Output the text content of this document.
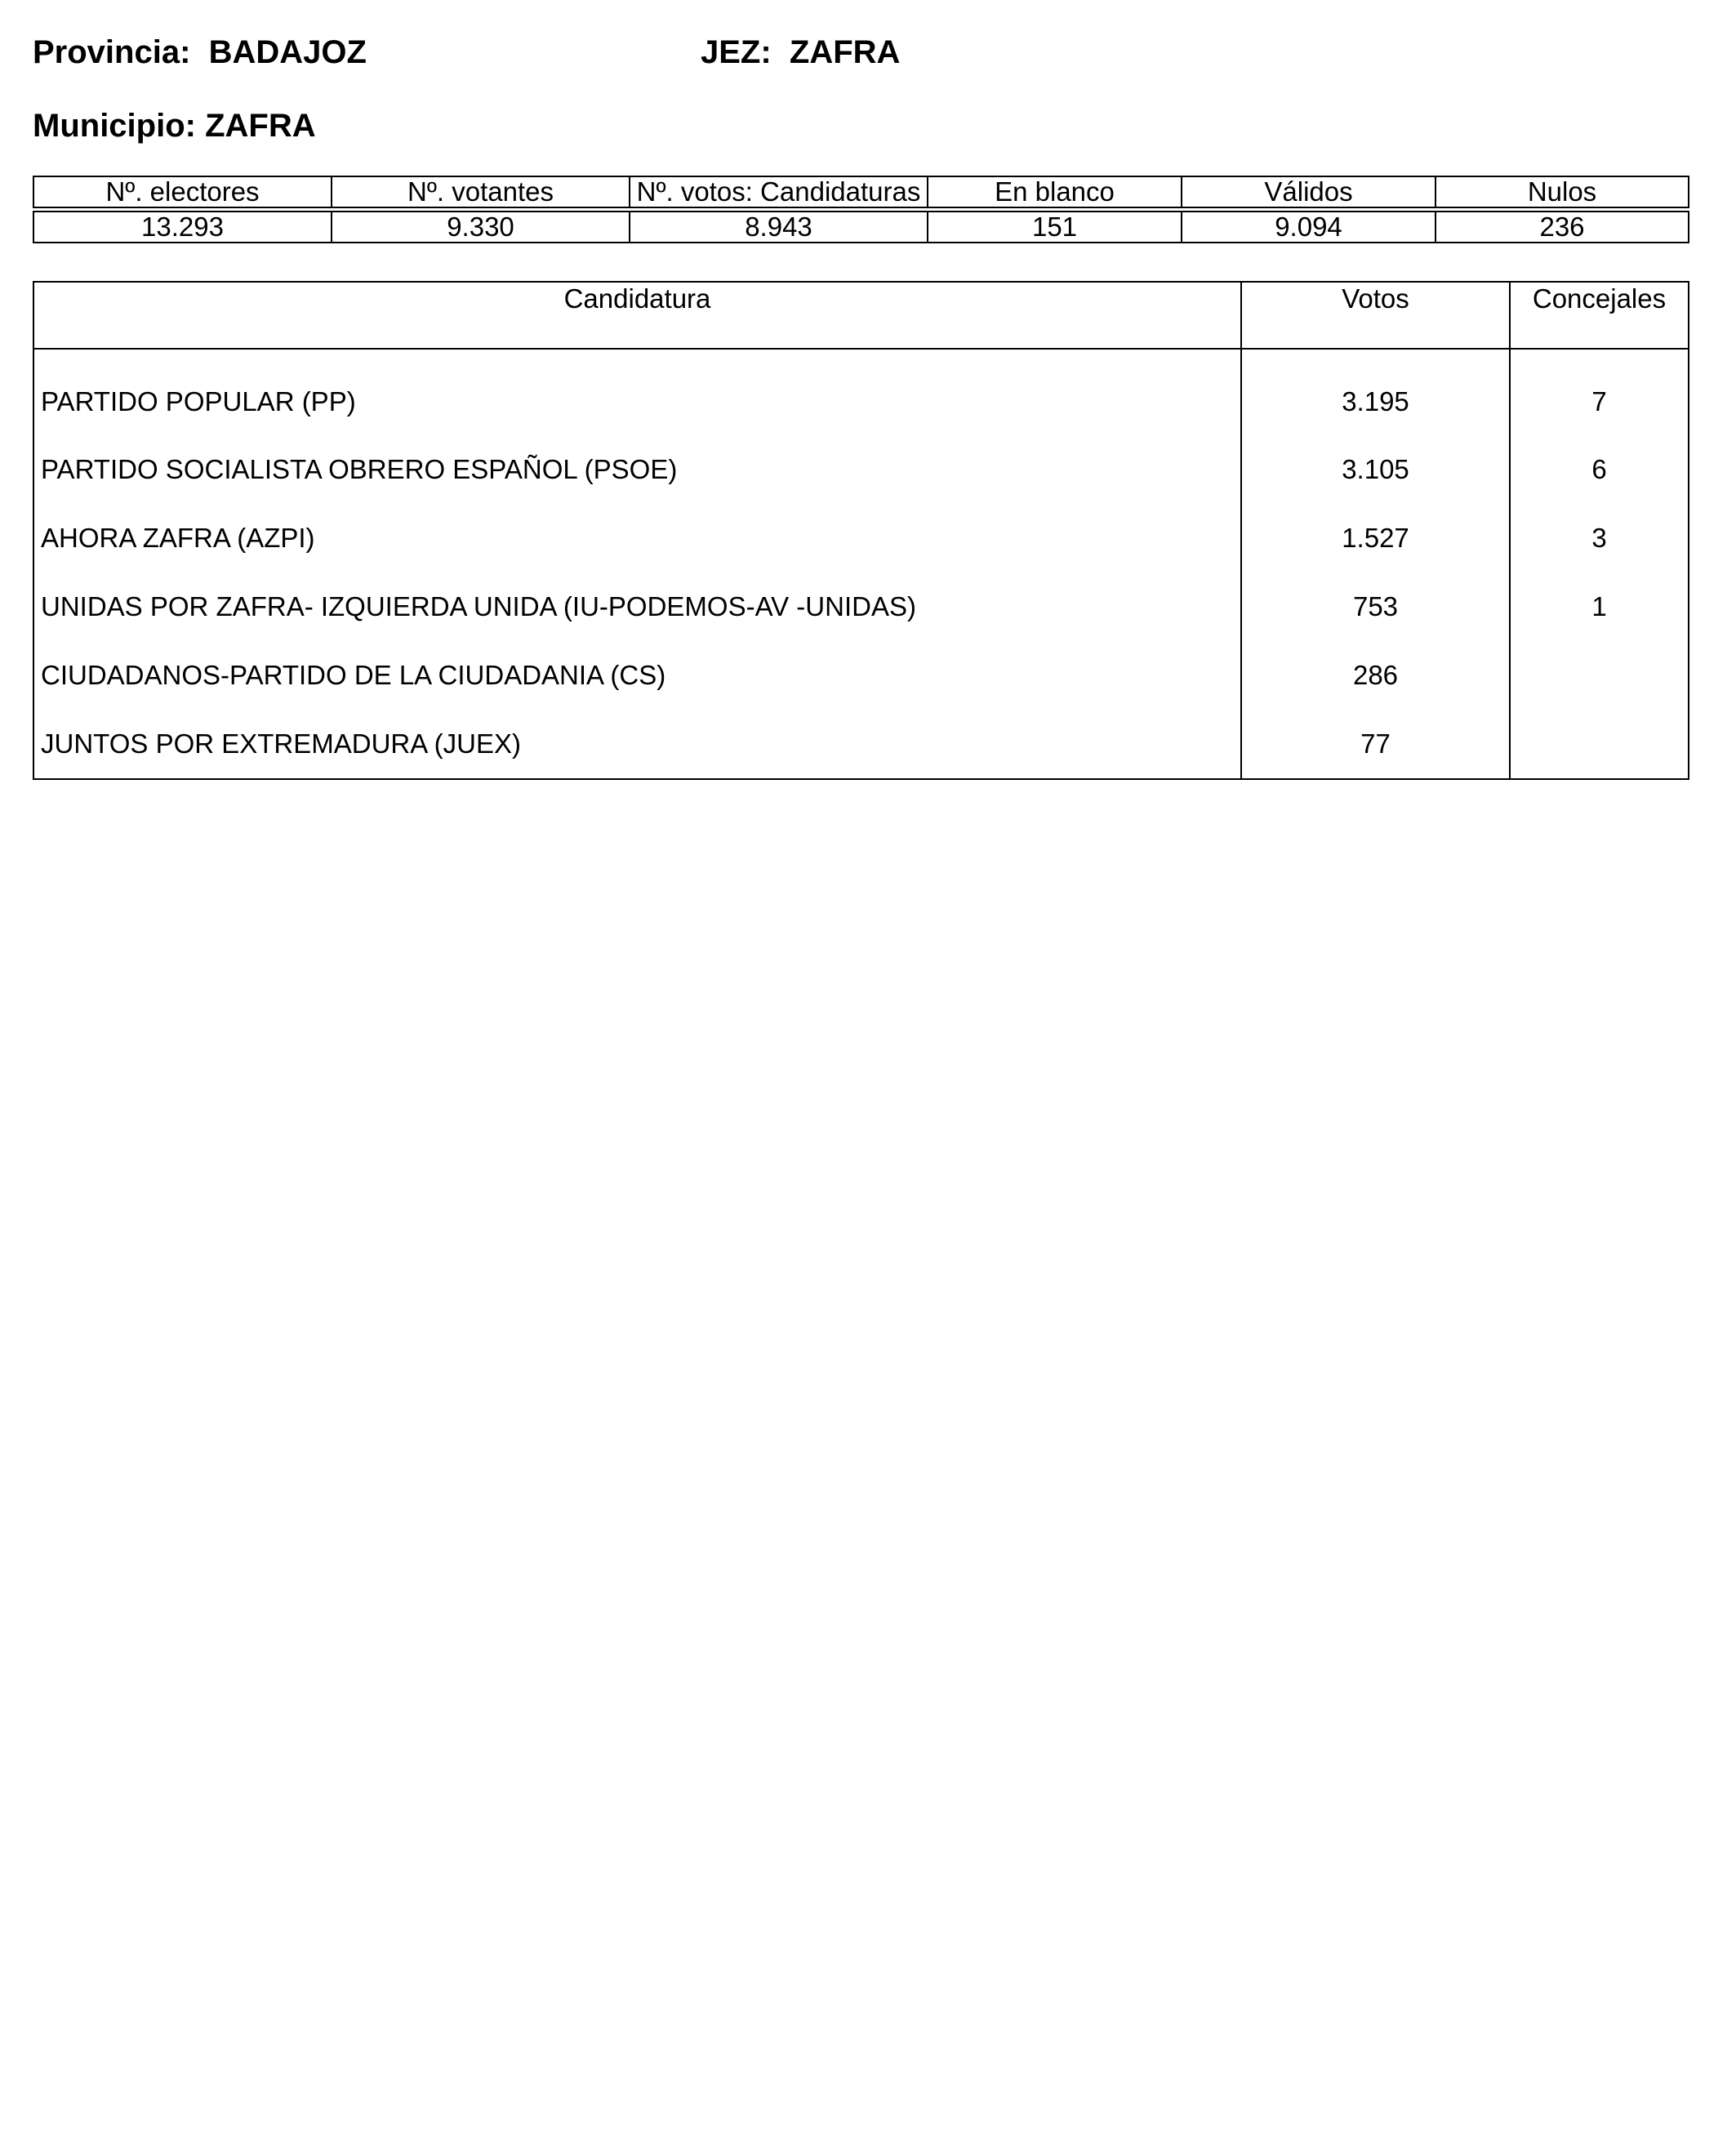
Provincia:  BADAJOZ	JEZ:  ZAFRA
Municipio: ZAFRA
Nº. electores	Nº. votantes	Nº. votos: Candidaturas	En blanco	Válidos	Nulos

13.293	9.330	8.943	151	9.094	236
Candidatura	Votos	Concejales
PARTIDO POPULAR (PP)	3.195	7
PARTIDO SOCIALISTA OBRERO ESPAÑOL (PSOE)	3.105	6
AHORA ZAFRA (AZPI)	1.527	3
UNIDAS POR ZAFRA- IZQUIERDA UNIDA (IU-PODEMOS-AV -UNIDAS)	753	1
CIUDADANOS-PARTIDO DE LA CIUDADANIA (CS)	286	
JUNTOS POR EXTREMADURA (JUEX)	77	
